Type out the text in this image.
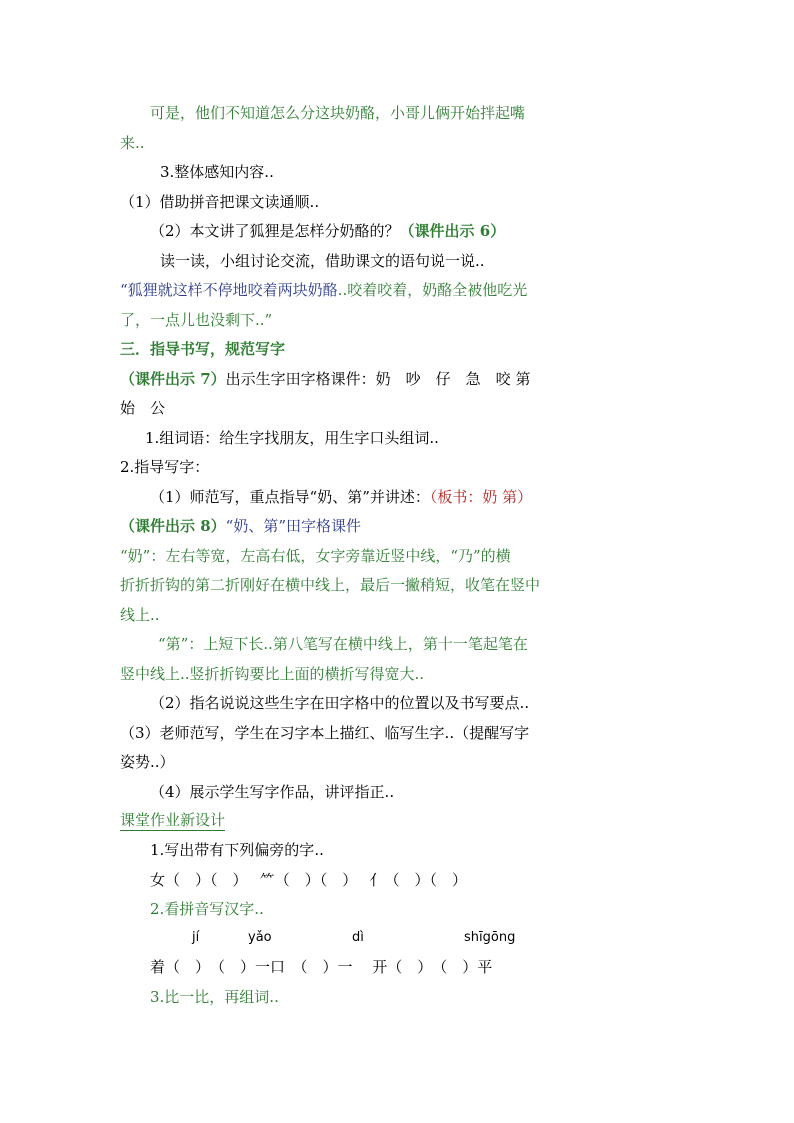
可是，他们不知道怎么分这块奶酪，小哥儿俩开始拌起嘴
来..
3.整体感知内容..
（1）借助拼音把课文读通顺..
（2）本文讲了狐狸是怎样分奶酪的？（课件出示 6）
读一读，小组讨论交流，借助课文的语句说一说..
“狐狸就这样不停地咬着两块奶酪..咬着咬着，奶酪全被他吃光
了，一点儿也没剩下..”
三．指导书写，规范写字
（课件出示 7）出示生字田字格课件：奶　吵　仔　急　咬 第
始　公
1.组词语：给生字找朋友，用生字口头组词..
2.指导写字：
（1）师范写，重点指导“奶、第”并讲述：（板书：奶 第）
（课件出示 8）“奶、第”田字格课件
“奶”：左右等宽，左高右低，女字旁靠近竖中线，“乃”的横
折折折钩的第二折刚好在横中线上，最后一撇稍短，收笔在竖中
线上..
“第”：上短下长..第八笔写在横中线上，第十一笔起笔在
竖中线上..竖折折钩要比上面的横折写得宽大..
（2）指名说说这些生字在田字格中的位置以及书写要点..
（3）老师范写，学生在习字本上描红、临写生字..（提醒写字
姿势..）
（4）展示学生写字作品，讲评指正..
课堂作业新设计
1.写出带有下列偏旁的字..
女（　）（　）　 ⺮（　）（　）　 亻（　）（　）
2.看拼音写汉字..
jí	yǎo	dì	shīgōng
着（　）　（　）一口　（　）一　 开（　）　（　）平
3.比一比，再组词..
